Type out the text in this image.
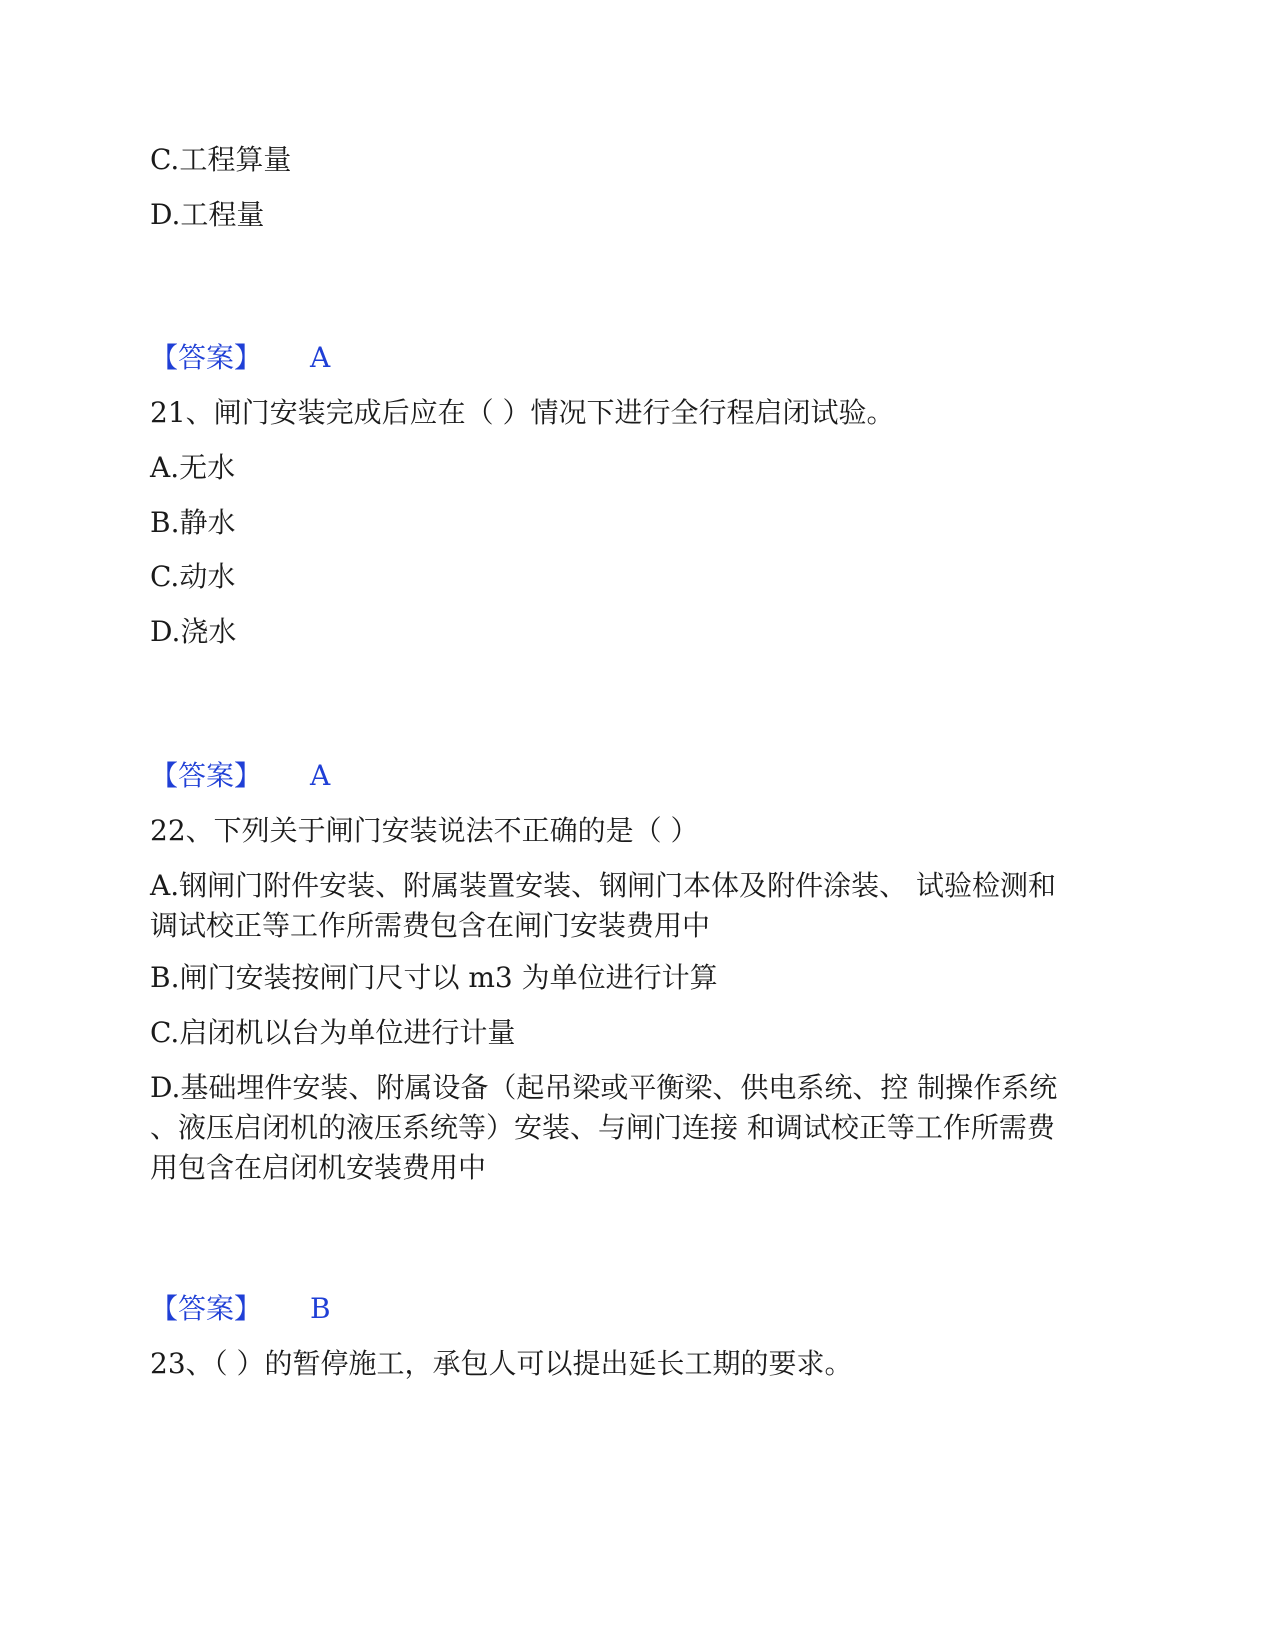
C.工程算量
D.工程量
【答案】 A
21、闸门安装完成后应在（ ）情况下进行全行程启闭试验。
A.无水
B.静水
C.动水
D.浇水
【答案】 A
22、下列关于闸门安装说法不正确的是（ ）
A.钢闸门附件安装、附属装置安装、钢闸门本体及附件涂装、 试验检测和
调试校正等工作所需费包含在闸门安装费用中
B.闸门安装按闸门尺寸以 m3 为单位进行计算
C.启闭机以台为单位进行计量
D.基础埋件安装、附属设备（起吊梁或平衡梁、供电系统、控 制操作系统
、液压启闭机的液压系统等）安装、与闸门连接 和调试校正等工作所需费
用包含在启闭机安装费用中
【答案】 B
23、（ ）的暂停施工，承包人可以提出延长工期的要求。
